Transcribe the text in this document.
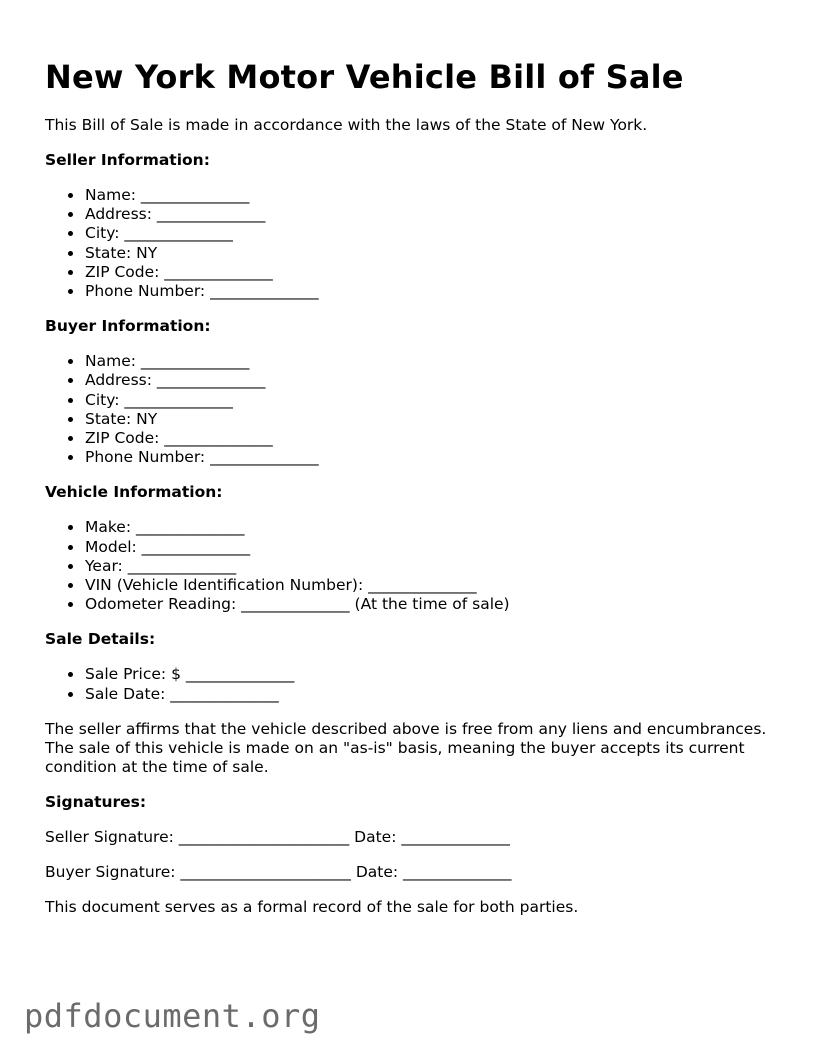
New York Motor Vehicle Bill of Sale

This Bill of Sale is made in accordance with the laws of the State of New York.

Seller Information:
Name: ______________
Address: ______________
City: ______________
State: NY
ZIP Code: ______________
Phone Number: ______________
Buyer Information:
Name: ______________
Address: ______________
City: ______________
State: NY
ZIP Code: ______________
Phone Number: ______________
Vehicle Information:
Make: ______________
Model: ______________
Year: ______________
VIN (Vehicle Identification Number): ______________
Odometer Reading: ______________ (At the time of sale)
Sale Details:
Sale Price: $ ______________
Sale Date: ______________

The seller affirms that the vehicle described above is free from any liens and encumbrances. The sale of this vehicle is made on an "as-is" basis, meaning the buyer accepts its current condition at the time of sale.

Signatures:

Seller Signature: ______________________ Date: ______________

Buyer Signature: ______________________ Date: ______________

This document serves as a formal record of the sale for both parties.

pdfdocument.org
